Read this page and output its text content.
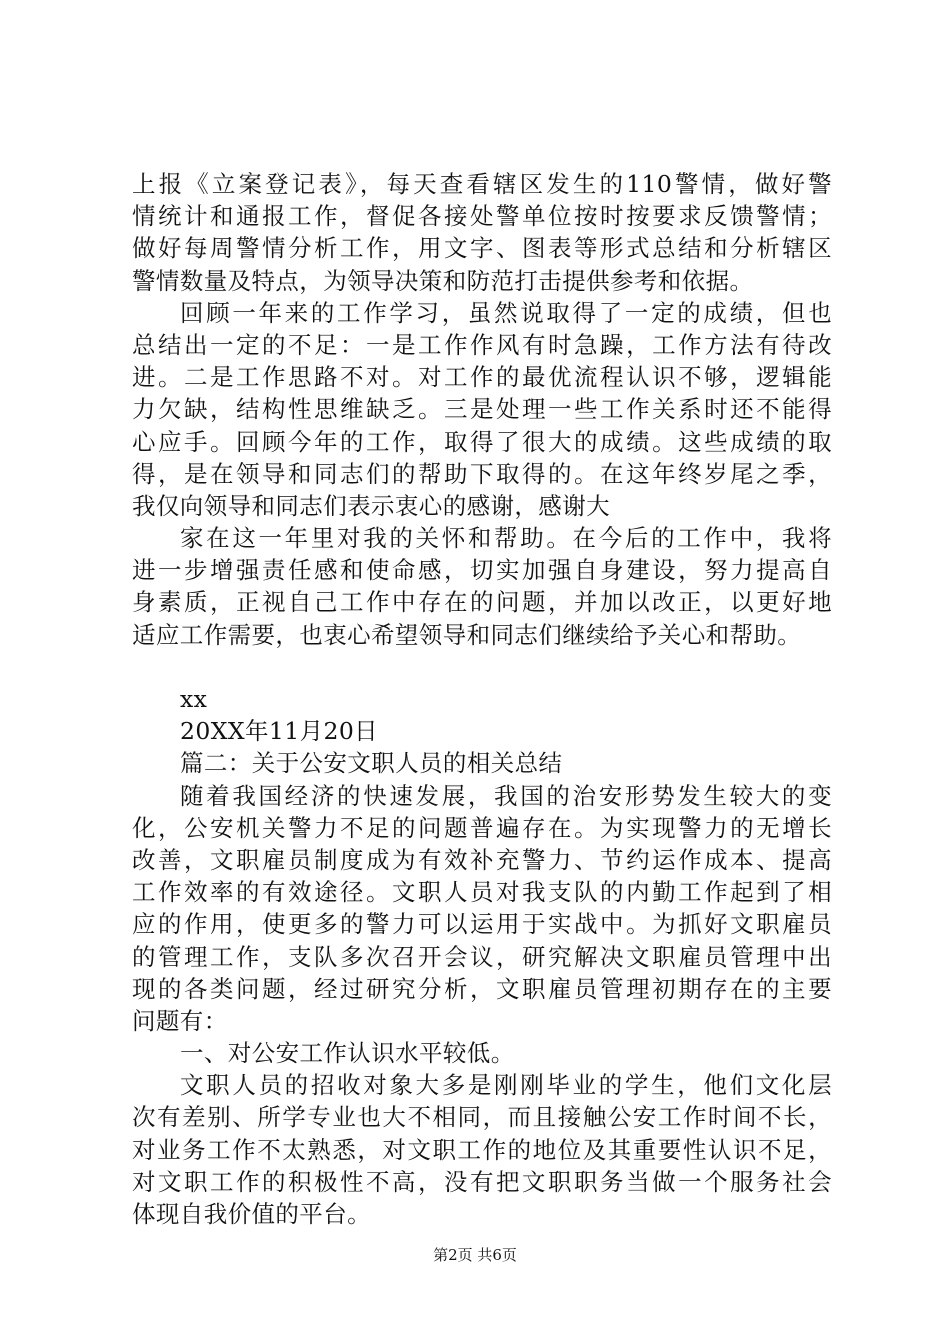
上报《立案登记表》，每天查看辖区发生的110警情，做好警
情统计和通报工作，督促各接处警单位按时按要求反馈警情；
做好每周警情分析工作，用文字、图表等形式总结和分析辖区
警情数量及特点，为领导决策和防范打击提供参考和依据。
回顾一年来的工作学习，虽然说取得了一定的成绩，但也
总结出一定的不足：一是工作作风有时急躁，工作方法有待改
进。二是工作思路不对。对工作的最优流程认识不够，逻辑能
力欠缺，结构性思维缺乏。三是处理一些工作关系时还不能得
心应手。回顾今年的工作，取得了很大的成绩。这些成绩的取
得，是在领导和同志们的帮助下取得的。在这年终岁尾之季，
我仅向领导和同志们表示衷心的感谢，感谢大
家在这一年里对我的关怀和帮助。在今后的工作中，我将
进一步增强责任感和使命感，切实加强自身建设，努力提高自
身素质，正视自己工作中存在的问题，并加以改正，以更好地
适应工作需要，也衷心希望领导和同志们继续给予关心和帮助。
xx
20XX年11月20日
篇二：关于公安文职人员的相关总结
随着我国经济的快速发展，我国的治安形势发生较大的变
化，公安机关警力不足的问题普遍存在。为实现警力的无增长
改善，文职雇员制度成为有效补充警力、节约运作成本、提高
工作效率的有效途径。文职人员对我支队的内勤工作起到了相
应的作用，使更多的警力可以运用于实战中。为抓好文职雇员
的管理工作，支队多次召开会议，研究解决文职雇员管理中出
现的各类问题，经过研究分析，文职雇员管理初期存在的主要
问题有：
一、对公安工作认识水平较低。
文职人员的招收对象大多是刚刚毕业的学生，他们文化层
次有差别、所学专业也大不相同，而且接触公安工作时间不长，
对业务工作不太熟悉，对文职工作的地位及其重要性认识不足，
对文职工作的积极性不高，没有把文职职务当做一个服务社会
体现自我价值的平台。
第2页 共6页
